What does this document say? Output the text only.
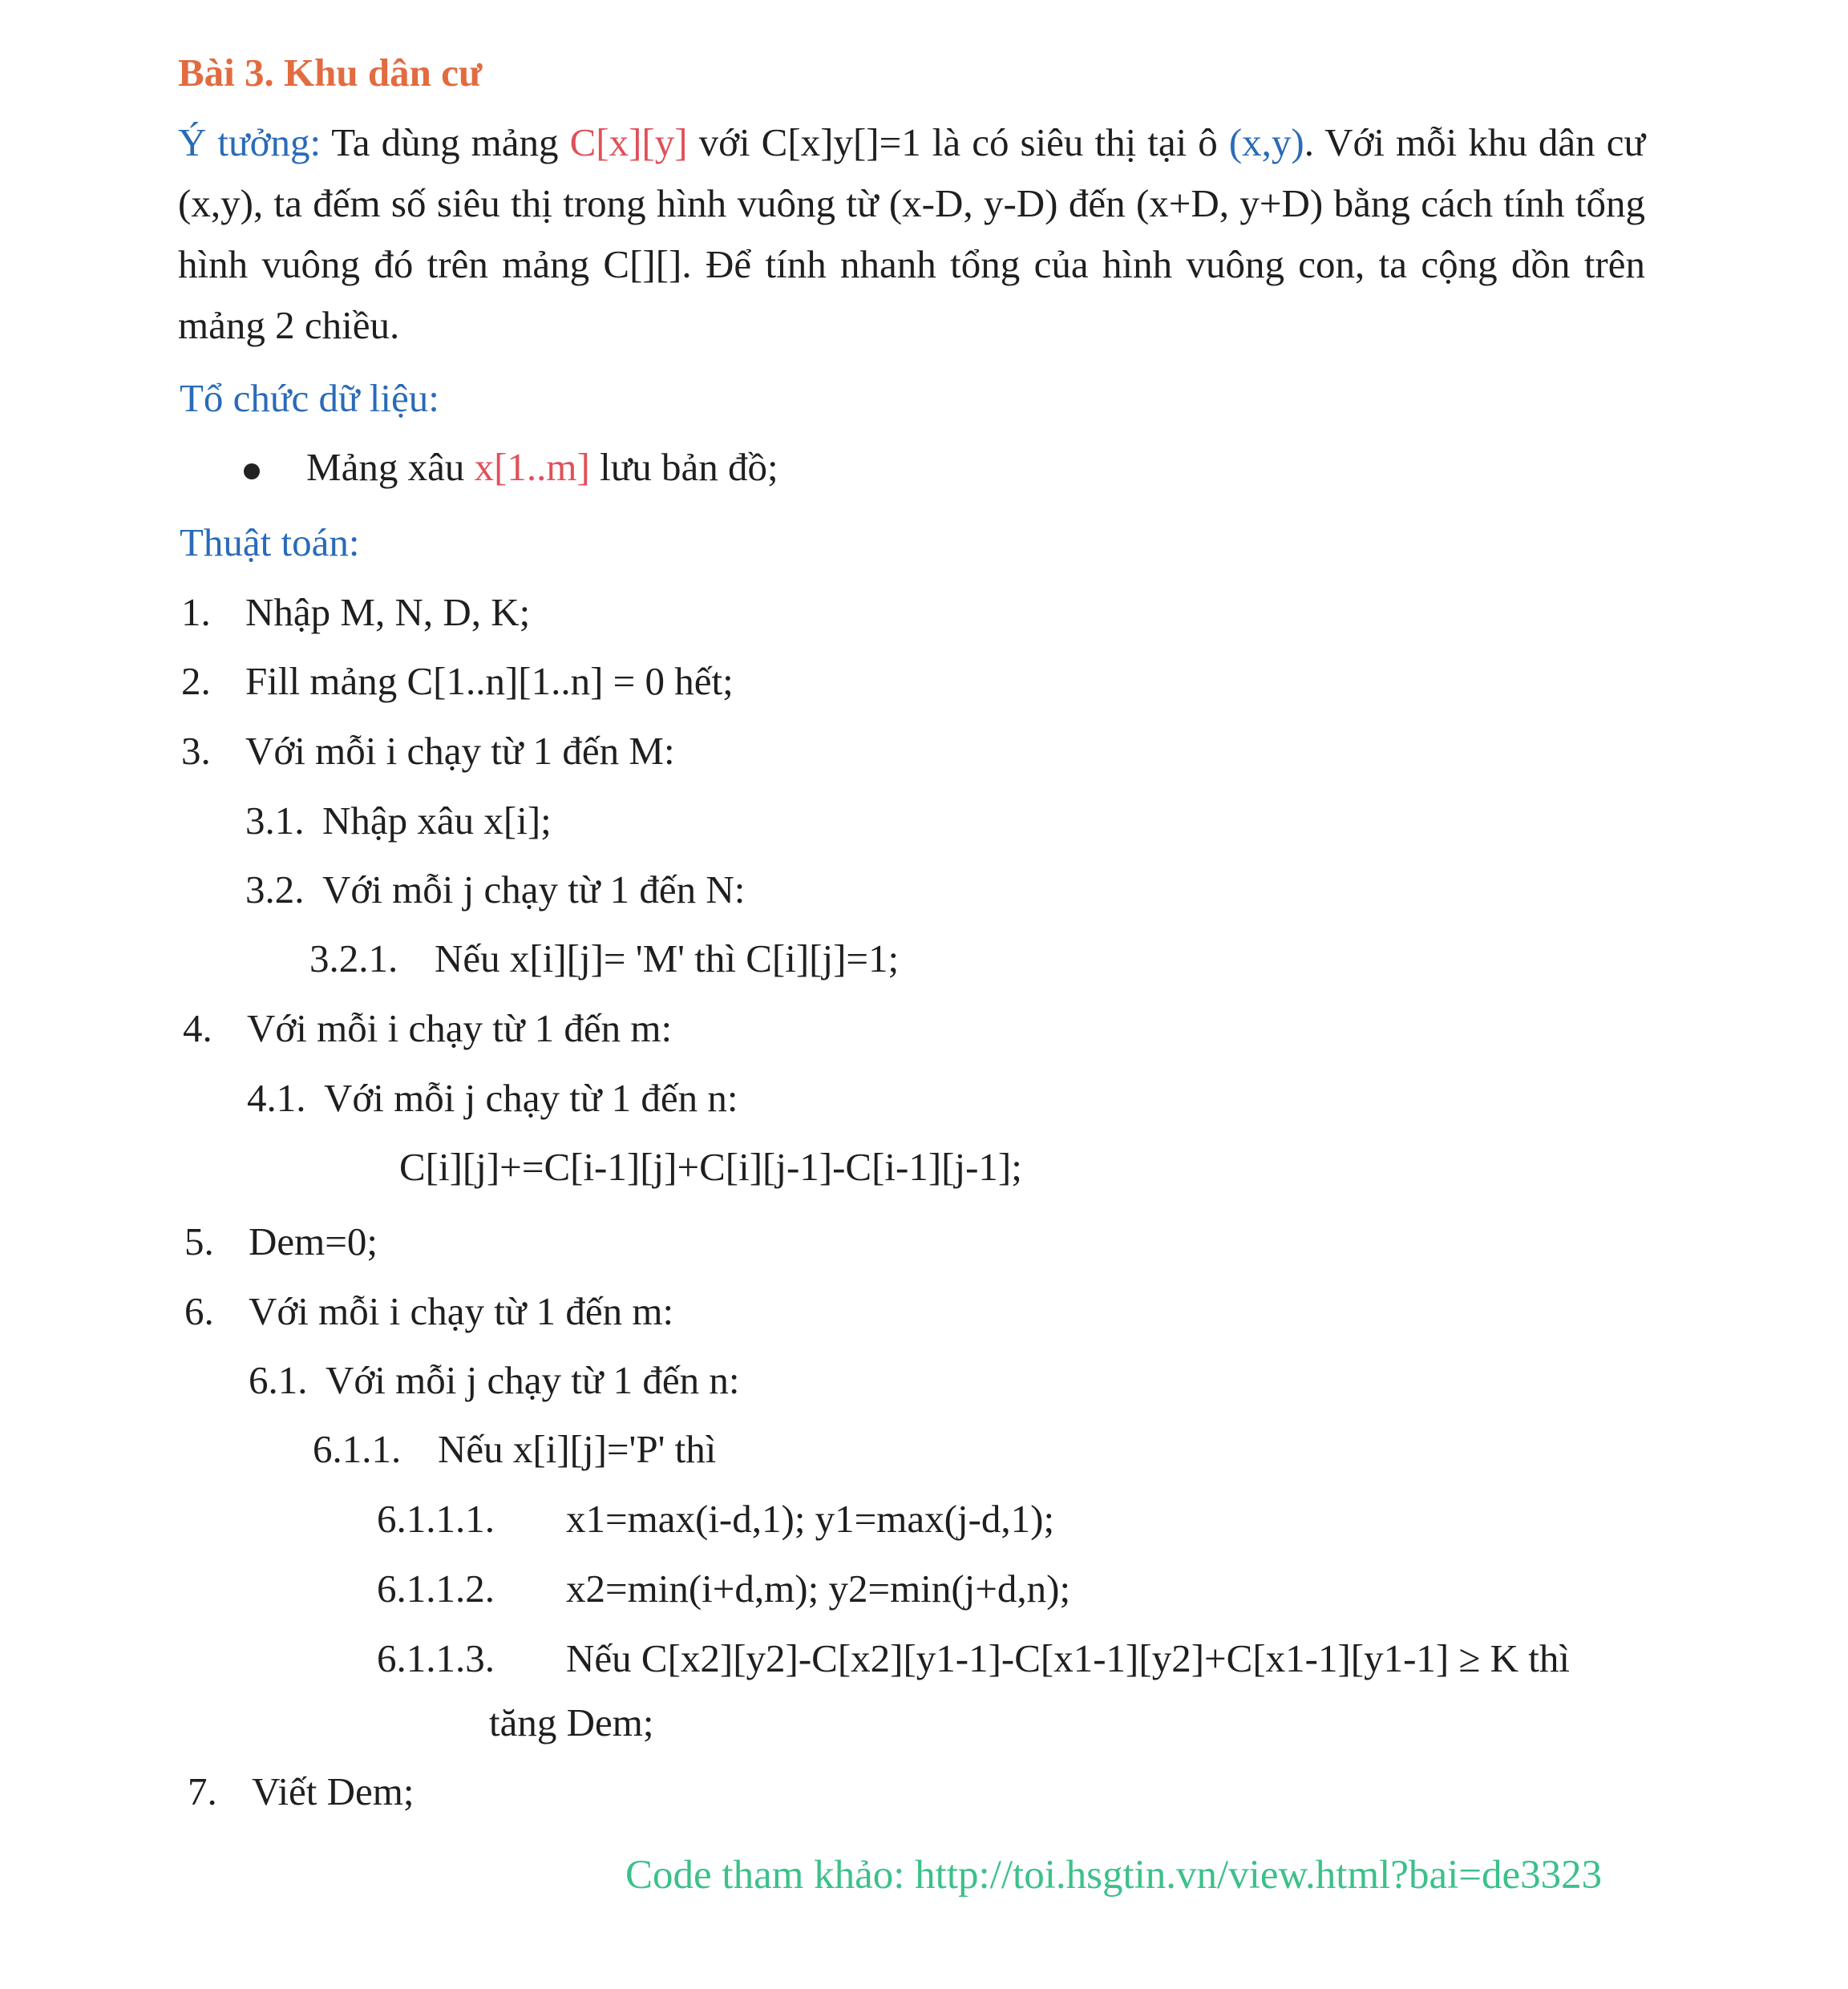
Bài 3. Khu dân cư
Ý tưởng: Ta dùng mảng C[x][y] với C[x]y[]=1 là có siêu thị tại ô (x,y). Với mỗi khu dân cư (x,y), ta đếm số siêu thị trong hình vuông từ (x-D, y-D) đến (x+D, y+D) bằng cách tính tổng hình vuông đó trên mảng C[][]. Để tính nhanh tổng của hình vuông con, ta cộng dồn trên mảng 2 chiều.
Tổ chức dữ liệu:
Mảng xâu x[1..m] lưu bản đồ;
Thuật toán:
1. Nhập M, N, D, K;
2. Fill mảng C[1..n][1..n] = 0 hết;
3. Với mỗi i chạy từ 1 đến M:
3.1. Nhập xâu x[i];
3.2. Với mỗi j chạy từ 1 đến N:
3.2.1. Nếu x[i][j]= 'M' thì C[i][j]=1;
4. Với mỗi i chạy từ 1 đến m:
4.1. Với mỗi j chạy từ 1 đến n:
C[i][j]+=C[i-1][j]+C[i][j-1]-C[i-1][j-1];
5. Dem=0;
6. Với mỗi i chạy từ 1 đến m:
6.1. Với mỗi j chạy từ 1 đến n:
6.1.1. Nếu x[i][j]='P' thì
6.1.1.1. x1=max(i-d,1); y1=max(j-d,1);
6.1.1.2. x2=min(i+d,m); y2=min(j+d,n);
6.1.1.3. Nếu C[x2][y2]-C[x2][y1-1]-C[x1-1][y2]+C[x1-1][y1-1] ≥ K thì
tăng Dem;
7. Viết Dem;
Code tham khảo: http://toi.hsgtin.vn/view.html?bai=de3323
